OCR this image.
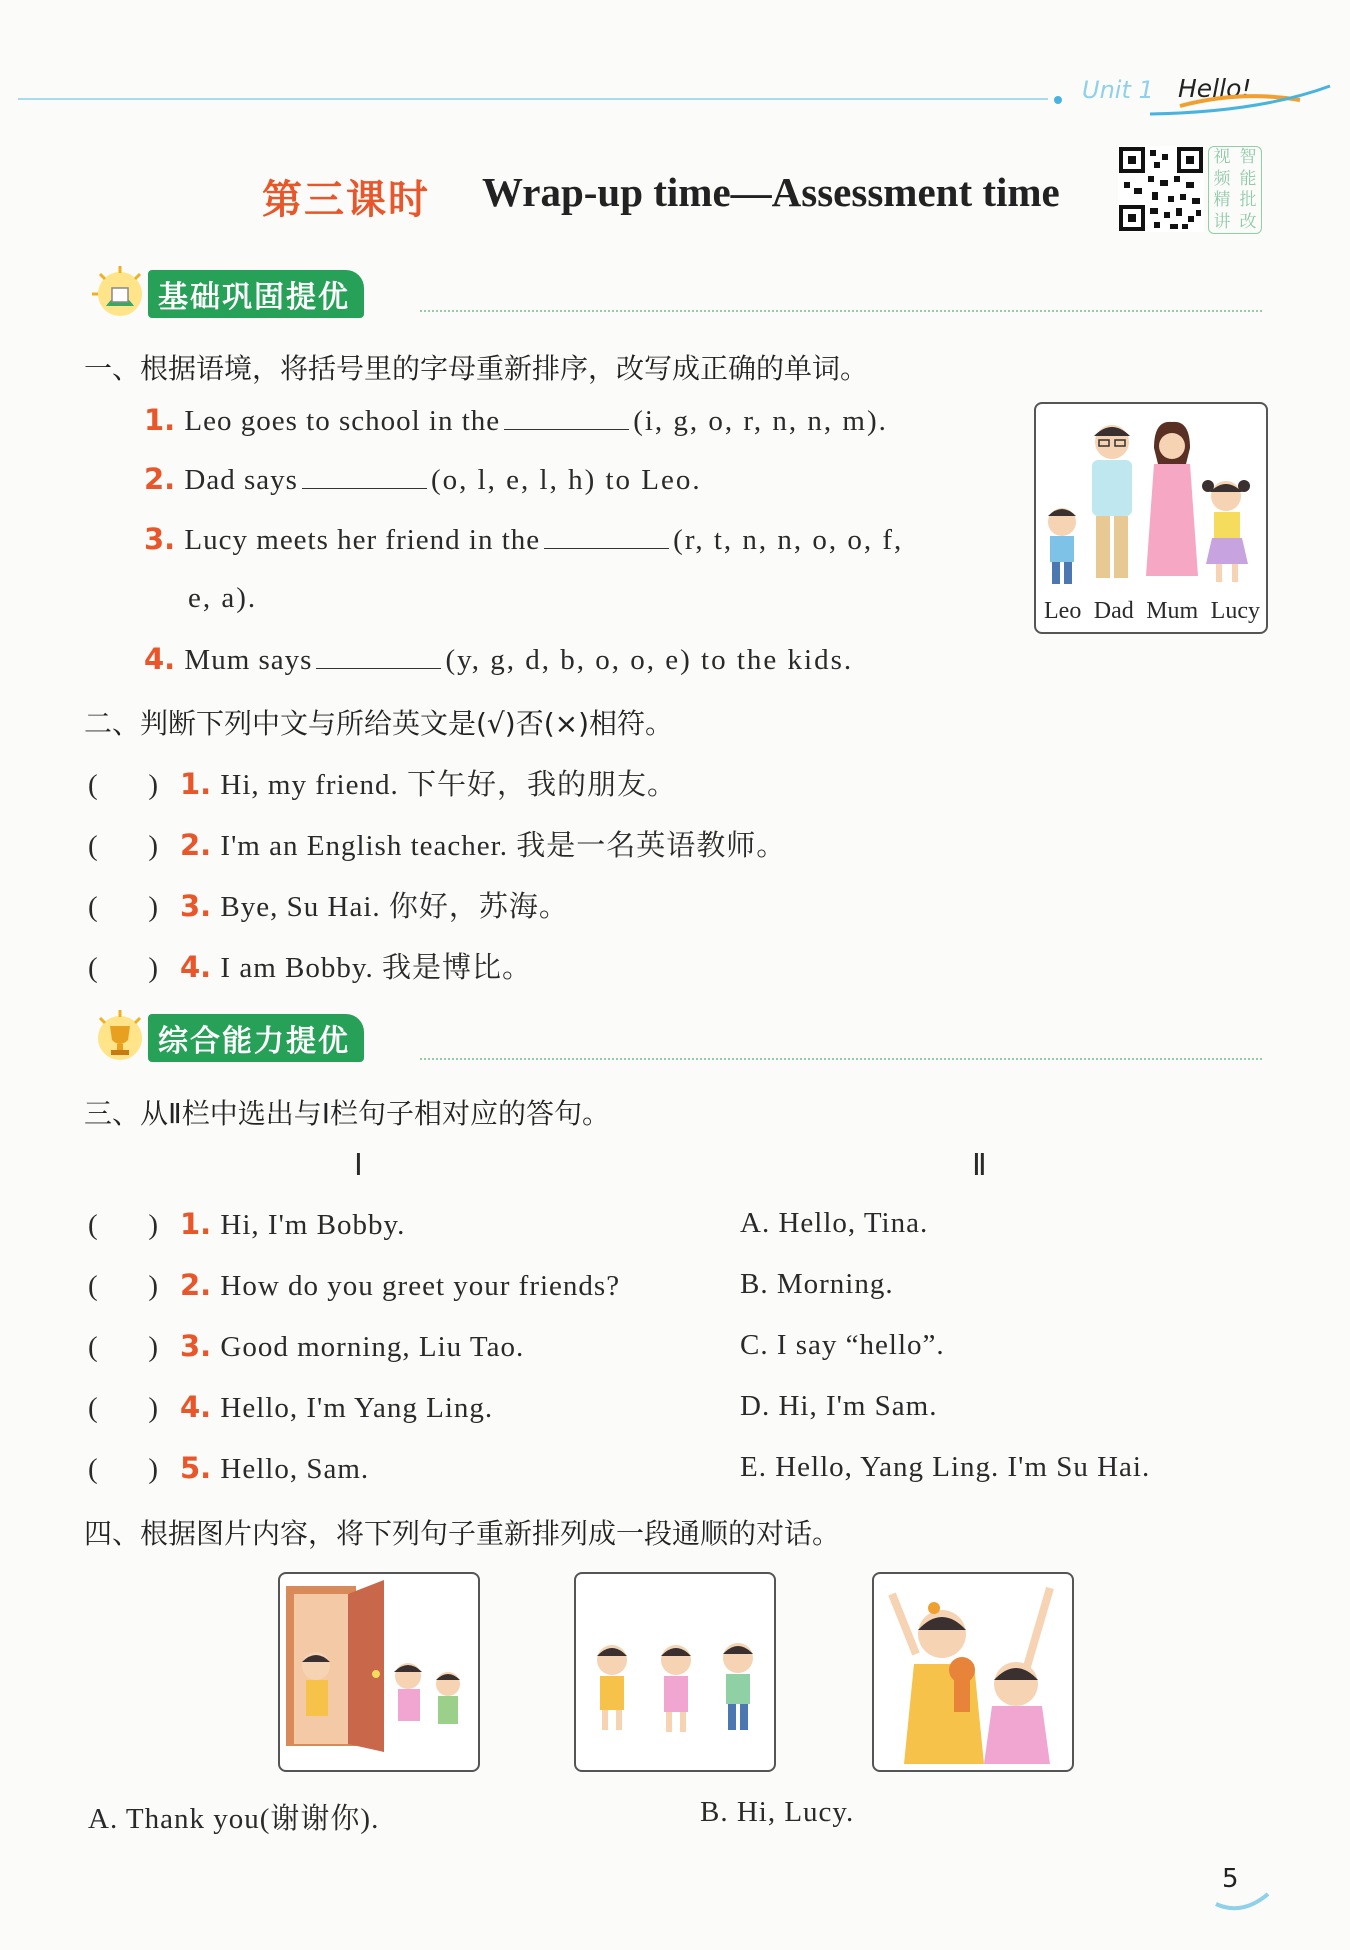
Unit 1 Hello!
第三课时 Wrap-up time—Assessment time
视 智
频 能
精 批
讲 改
基础巩固提优
一、根据语境，将括号里的字母重新排序，改写成正确的单词。
1. Leo goes to school in the	(i, g, o, r, n, n, m).
2. Dad says	(o, l, e, l, h) to Leo.
3. Lucy meets her friend in the	(r, t, n, n, o, o, f,
e, a).
4. Mum says	(y, g, d, b, o, o, e) to the kids.
Leo Dad Mum Lucy
二、判断下列中文与所给英文是(√)否(×)相符。
(       ) 1. Hi, my friend. 下午好，我的朋友。
(       ) 2. I'm an English teacher. 我是一名英语教师。
(       ) 3. Bye, Su Hai. 你好，苏海。
(       ) 4. I am Bobby. 我是博比。
综合能力提优
三、从Ⅱ栏中选出与Ⅰ栏句子相对应的答句。
Ⅰ	Ⅱ
(       ) 1. Hi, I'm Bobby.	A. Hello, Tina.
(       ) 2. How do you greet your friends?	B. Morning.
(       ) 3. Good morning, Liu Tao.	C. I say “hello”.
(       ) 4. Hello, I'm Yang Ling.	D. Hi, I'm Sam.
(       ) 5. Hello, Sam.	E. Hello, Yang Ling. I'm Su Hai.
四、根据图片内容，将下列句子重新排列成一段通顺的对话。
A. Thank you(谢谢你).	B. Hi, Lucy.
5
